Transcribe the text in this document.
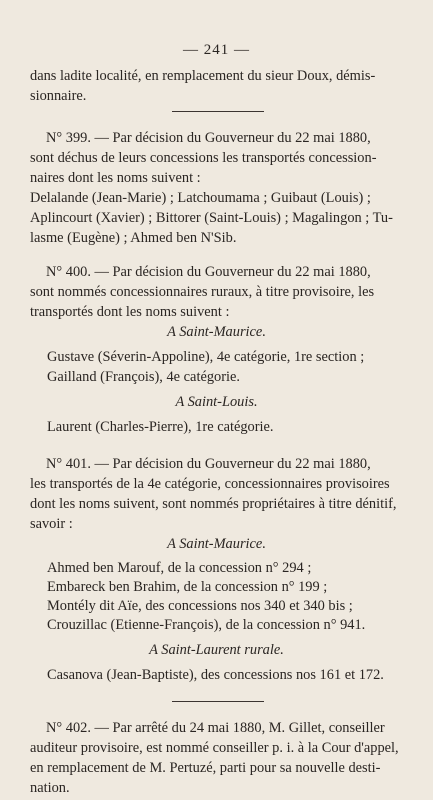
— 241 —
dans ladite localité, en remplacement du sieur Doux, démis-
sionnaire.
N° 399. — Par décision du Gouverneur du 22 mai 1880,
sont déchus de leurs concessions les transportés concession-
naires dont les noms suivent :
Delalande (Jean-Marie) ; Latchoumama ; Guibaut (Louis) ;
Aplincourt (Xavier) ; Bittorer (Saint-Louis) ; Magalingon ; Tu-
lasme (Eugène) ; Ahmed ben N'Sib.
N° 400. — Par décision du Gouverneur du 22 mai 1880,
sont nommés concessionnaires ruraux, à titre provisoire, les
transportés dont les noms suivent :
A Saint-Maurice.
Gustave (Séverin-Appoline), 4e catégorie, 1re section ;
Gailland (François), 4e catégorie.
A Saint-Louis.
Laurent (Charles-Pierre), 1re catégorie.
N° 401. — Par décision du Gouverneur du 22 mai 1880,
les transportés de la 4e catégorie, concessionnaires provisoires
dont les noms suivent, sont nommés propriétaires à titre dénitif,
savoir :
A Saint-Maurice.
Ahmed ben Marouf, de la concession n° 294 ;
Embareck ben Brahim, de la concession n° 199 ;
Montély dit Aïe, des concessions nos 340 et 340 bis ;
Crouzillac (Etienne-François), de la concession n° 941.
A Saint-Laurent rurale.
Casanova (Jean-Baptiste), des concessions nos 161 et 172.
N° 402. — Par arrêté du 24 mai 1880, M. Gillet, conseiller
auditeur provisoire, est nommé conseiller p. i. à la Cour d'appel,
en remplacement de M. Pertuzé, parti pour sa nouvelle desti-
nation.
